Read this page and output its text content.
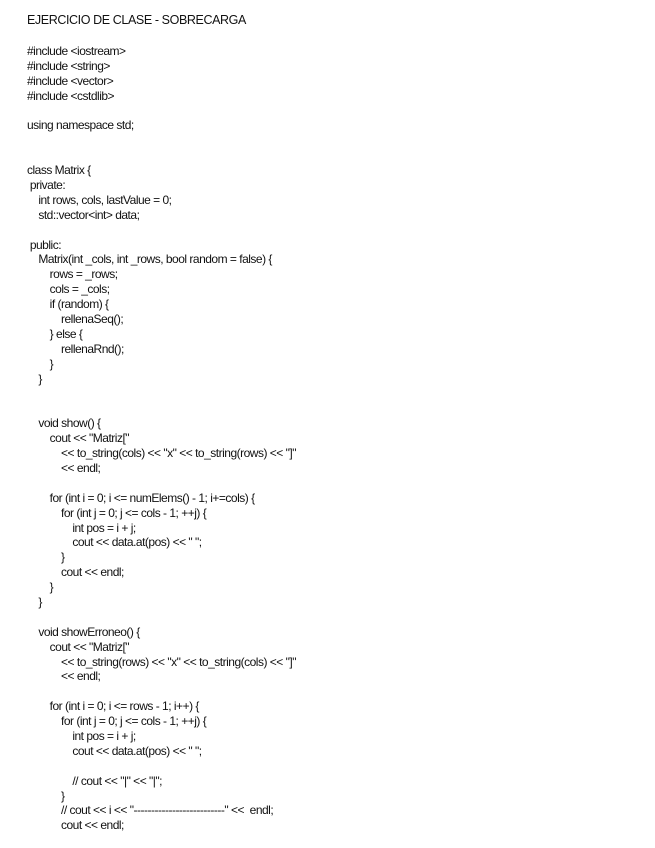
EJERCICIO DE CLASE - SOBRECARGA
#include <iostream>
#include <string>
#include <vector>
#include <cstdlib>
using namespace std;
class Matrix {
private:
int rows, cols, lastValue = 0;
std::vector<int> data;
public:
Matrix(int _cols, int _rows, bool random = false) {
rows = _rows;
cols = _cols;
if (random) {
rellenaSeq();
} else {
rellenaRnd();
}
}
void show() {
cout << "Matriz["
<< to_string(cols) << "x" << to_string(rows) << "]"
<< endl;
for (int i = 0; i <= numElems() - 1; i+=cols) {
for (int j = 0; j <= cols - 1; ++j) {
int pos = i + j;
cout << data.at(pos) << " ";
}
cout << endl;
}
}
void showErroneo() {
cout << "Matriz["
<< to_string(rows) << "x" << to_string(cols) << "]"
<< endl;
for (int i = 0; i <= rows - 1; i++) {
for (int j = 0; j <= cols - 1; ++j) {
int pos = i + j;
cout << data.at(pos) << " ";
// cout << "|" << "|";
}
// cout << i << "--------------------------" <<  endl;
cout << endl;
